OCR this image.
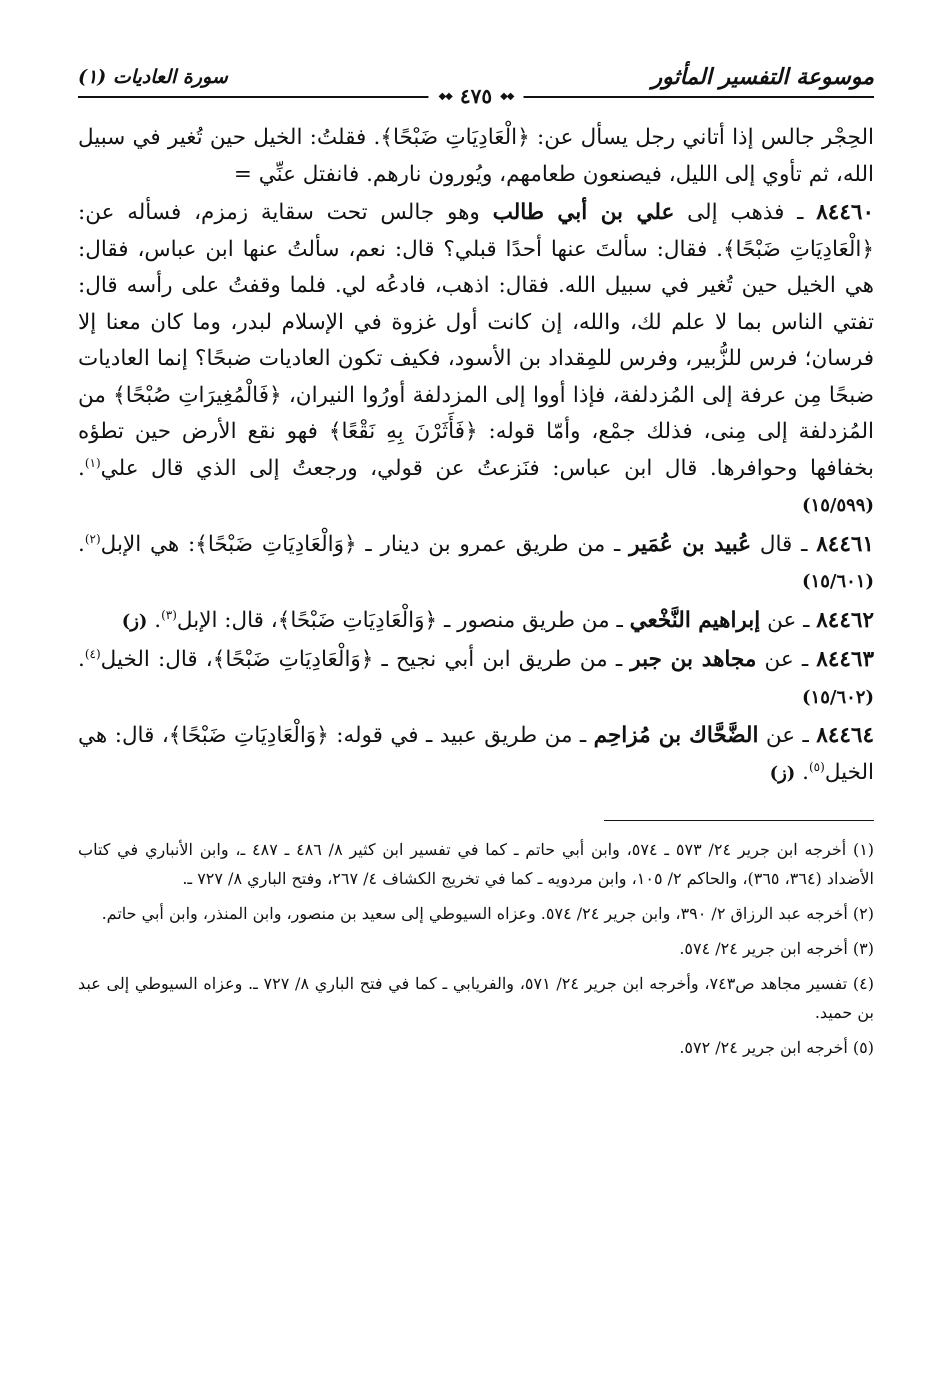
موسوعة التفسير المأثور
سورة العاديات (١)
◆◆ ٤٧٥ ◆◆

الحِجْر جالس إذا أتاني رجل يسأل عن: ﴿الْعَادِيَاتِ ضَبْحًا﴾. فقلتُ: الخيل حين تُغير في سبيل الله، ثم تأوي إلى الليل، فيصنعون طعامهم، ويُورون نارهم. فانفتل عنِّي =

٨٤٤٦٠ ـ فذهب إلى علي بن أبي طالب وهو جالس تحت سقاية زمزم، فسأله عن: ﴿الْعَادِيَاتِ ضَبْحًا﴾. فقال: سألتَ عنها أحدًا قبلي؟ قال: نعم، سألتُ عنها ابن عباس، فقال: هي الخيل حين تُغير في سبيل الله. فقال: اذهب، فادعُه لي. فلما وقفتُ على رأسه قال: تفتي الناس بما لا علم لك، والله، إن كانت أول غزوة في الإسلام لبدر، وما كان معنا إلا فرسان؛ فرس للزُّبير، وفرس للمِقداد بن الأسود، فكيف تكون العاديات ضبحًا؟ إنما العاديات ضبحًا مِن عرفة إلى المُزدلفة، فإذا أووا إلى المزدلفة أورُوا النيران، ﴿فَالْمُغِيرَاتِ صُبْحًا﴾ من المُزدلفة إلى مِنى، فذلك جمْع، وأمّا قوله: ﴿فَأَثَرْنَ بِهِ نَقْعًا﴾ فهو نقع الأرض حين تطؤه بخفافها وحوافرها. قال ابن عباس: فنَزعتُ عن قولي، ورجعتُ إلى الذي قال علي$^{(١)}$. (١٥/٥٩٩)

٨٤٤٦١ ـ قال عُبيد بن عُمَير ـ من طريق عمرو بن دينار ـ ﴿وَالْعَادِيَاتِ ضَبْحًا﴾: هي الإبل$^{(٢)}$. (١٥/٦٠١)

٨٤٤٦٢ ـ عن إبراهيم النَّخْعي ـ من طريق منصور ـ ﴿وَالْعَادِيَاتِ ضَبْحًا﴾، قال: الإبل$^{(٣)}$. (ز)

٨٤٤٦٣ ـ عن مجاهد بن جبر ـ من طريق ابن أبي نجيح ـ ﴿وَالْعَادِيَاتِ ضَبْحًا﴾، قال: الخيل$^{(٤)}$. (١٥/٦٠٢)

٨٤٤٦٤ ـ عن الضَّحَّاك بن مُزاحِم ـ من طريق عبيد ـ في قوله: ﴿وَالْعَادِيَاتِ ضَبْحًا﴾، قال: هي الخيل$^{(٥)}$. (ز)

(١) أخرجه ابن جرير ٢٤/ ٥٧٣ ـ ٥٧٤، وابن أبي حاتم ـ كما في تفسير ابن كثير ٨/ ٤٨٦ ـ ٤٨٧ ـ، وابن الأنباري في كتاب الأضداد (٣٦٤، ٣٦٥)، والحاكم ٢/ ١٠٥، وابن مردويه ـ كما في تخريج الكشاف ٤/ ٢٦٧، وفتح الباري ٨/ ٧٢٧ ـ.

(٢) أخرجه عبد الرزاق ٢/ ٣٩٠، وابن جرير ٢٤/ ٥٧٤. وعزاه السيوطي إلى سعيد بن منصور، وابن المنذر، وابن أبي حاتم.

(٣) أخرجه ابن جرير ٢٤/ ٥٧٤.

(٤) تفسير مجاهد ص٧٤٣، وأخرجه ابن جرير ٢٤/ ٥٧١، والفريابي ـ كما في فتح الباري ٨/ ٧٢٧ ـ. وعزاه السيوطي إلى عبد بن حميد.

(٥) أخرجه ابن جرير ٢٤/ ٥٧٢.
